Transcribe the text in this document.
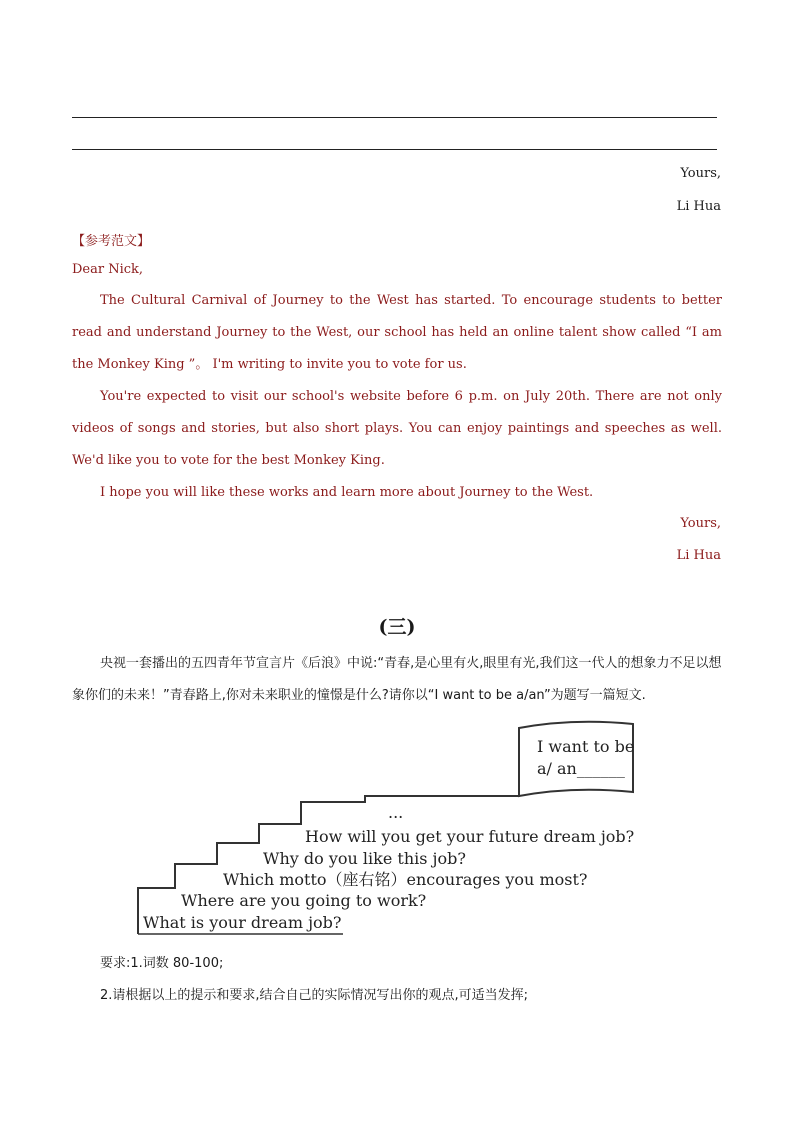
Yours,
Li Hua
【参考范文】
Dear Nick,
The Cultural Carnival of Journey to the West has started. To encourage students to better read and understand Journey to the West, our school has held an online talent show called “I am the Monkey King ”。 I'm writing to invite you to vote for us.
You're expected to visit our school's website before 6 p.m. on July 20th. There are not only videos of songs and stories, but also short plays. You can enjoy paintings and speeches as well. We'd like you to vote for the best Monkey King.
I hope you will like these works and learn more about Journey to the West.
Yours,
Li Hua
(三)
央视一套播出的五四青年节宣言片《后浪》中说:“青春,是心里有火,眼里有光,我们这一代人的想象力不足以想象你们的未来！”青春路上,你对未来职业的憧憬是什么?请你以“I want to be a/an”为题写一篇短文.
I want to be
a/ an______
...
How will you get your future dream job?
Why do you like this job?
Which motto（座右铭）encourages you most?
Where are you going to work?
What is your dream job?
要求:1.词数 80-100;
2.请根据以上的提示和要求,结合自己的实际情况写出你的观点,可适当发挥;
